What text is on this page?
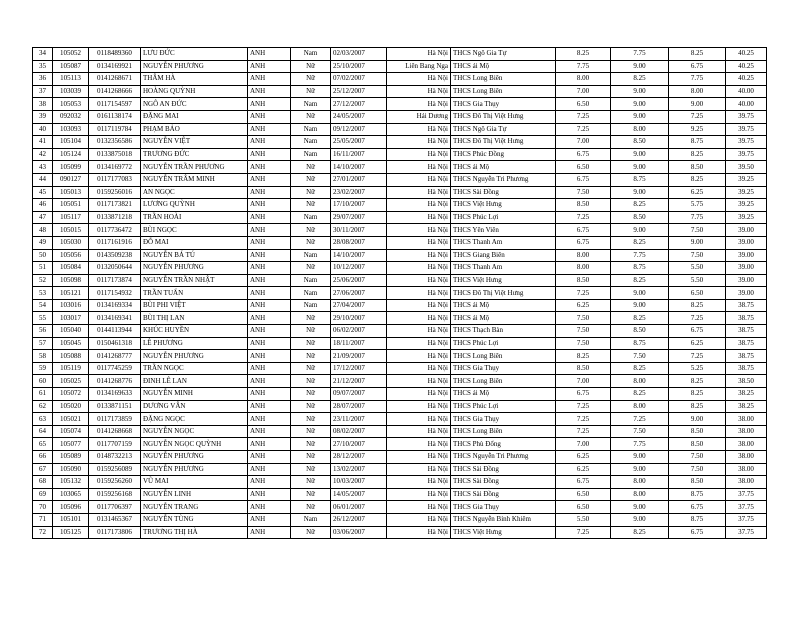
34	105052	0118489360	LƯU ĐỨC	ANH	Nam	02/03/2007	Hà Nội	THCS Ngô Gia Tự	8.25	7.75	8.25	40.25
35	105087	0134169921	NGUYỄN PHƯƠNG	ANH	Nữ	25/10/2007	Liên Bang Nga	THCS ái Mộ	7.75	9.00	6.75	40.25
36	105113	0141268671	THÂM HÀ	ANH	Nữ	07/02/2007	Hà Nội	THCS Long Biên	8.00	8.25	7.75	40.25
37	103039	0141268666	HOÀNG QUỲNH	ANH	Nữ	25/12/2007	Hà Nội	THCS Long Biên	7.00	9.00	8.00	40.00
38	105053	0117154597	NGÔ AN ĐỨC	ANH	Nam	27/12/2007	Hà Nội	THCS Gia Thụy	6.50	9.00	9.00	40.00
39	092032	0161138174	ĐẶNG MAI	ANH	Nữ	24/05/2007	Hải Dương	THCS Đô Thị Việt Hưng	7.25	9.00	7.25	39.75
40	103093	0117119784	PHẠM BẢO	ANH	Nam	09/12/2007	Hà Nội	THCS Ngô Gia Tự	7.25	8.00	9.25	39.75
41	105104	0132356586	NGUYỄN VIỆT	ANH	Nam	25/05/2007	Hà Nội	THCS Đô Thị Việt Hưng	7.00	8.50	8.75	39.75
42	105124	0133875018	TRƯƠNG ĐỨC	ANH	Nam	16/11/2007	Hà Nội	THCS Phúc Đồng	6.75	9.00	8.25	39.75
43	105099	0134169772	NGUYỄN TRẦN PHƯƠNG	ANH	Nữ	14/10/2007	Hà Nội	THCS ái Mộ	6.50	9.00	8.50	39.50
44	090127	0117177083	NGUYỄN TRÂM MINH	ANH	Nữ	27/01/2007	Hà Nội	THCS Nguyễn Tri Phương	6.75	8.75	8.25	39.25
45	105013	0159256016	AN NGỌC	ANH	Nữ	23/02/2007	Hà Nội	THCS Sài Đồng	7.50	9.00	6.25	39.25
46	105051	0117173821	LƯƠNG QUỲNH	ANH	Nữ	17/10/2007	Hà Nội	THCS Việt Hưng	8.50	8.25	5.75	39.25
47	105117	0133871218	TRẦN HOÀI	ANH	Nam	29/07/2007	Hà Nội	THCS Phúc Lợi	7.25	8.50	7.75	39.25
48	105015	0117736472	BÙI NGỌC	ANH	Nữ	30/11/2007	Hà Nội	THCS Yên Viên	6.75	9.00	7.50	39.00
49	105030	0117161916	ĐỖ MAI	ANH	Nữ	28/08/2007	Hà Nội	THCS Thanh Am	6.75	8.25	9.00	39.00
50	105056	0143509238	NGUYỄN BÁ TÚ	ANH	Nam	14/10/2007	Hà Nội	THCS Giang Biên	8.00	7.75	7.50	39.00
51	105084	0132050644	NGUYỄN PHƯƠNG	ANH	Nữ	10/12/2007	Hà Nội	THCS Thanh Am	8.00	8.75	5.50	39.00
52	105098	0117173874	NGUYỄN TRẦN NHẬT	ANH	Nam	25/06/2007	Hà Nội	THCS Việt Hưng	8.50	8.25	5.50	39.00
53	105121	0117154932	TRẦN TUẤN	ANH	Nam	27/06/2007	Hà Nội	THCS Đô Thị Việt Hưng	7.25	9.00	6.50	39.00
54	103016	0134169334	BÙI PHI VIỆT	ANH	Nam	27/04/2007	Hà Nội	THCS ái Mộ	6.25	9.00	8.25	38.75
55	103017	0134169341	BÙI THỊ LAN	ANH	Nữ	29/10/2007	Hà Nội	THCS ái Mộ	7.50	8.25	7.25	38.75
56	105040	0144113944	KHÚC HUYỀN	ANH	Nữ	06/02/2007	Hà Nội	THCS Thạch Bàn	7.50	8.50	6.75	38.75
57	105045	0150461318	LÊ PHƯƠNG	ANH	Nữ	18/11/2007	Hà Nội	THCS Phúc Lợi	7.50	8.75	6.25	38.75
58	105088	0141268777	NGUYỄN PHƯƠNG	ANH	Nữ	21/09/2007	Hà Nội	THCS Long Biên	8.25	7.50	7.25	38.75
59	105119	0117745259	TRẦN NGỌC	ANH	Nữ	17/12/2007	Hà Nội	THCS Gia Thụy	8.50	8.25	5.25	38.75
60	105025	0141268776	ĐINH LÊ LAN	ANH	Nữ	21/12/2007	Hà Nội	THCS Long Biên	7.00	8.00	8.25	38.50
61	105072	0134169633	NGUYỄN MINH	ANH	Nữ	09/07/2007	Hà Nội	THCS ái Mộ	6.75	8.25	8.25	38.25
62	105020	0133871151	DƯƠNG VÂN	ANH	Nữ	28/07/2007	Hà Nội	THCS Phúc Lợi	7.25	8.00	8.25	38.25
63	105021	0117173859	ĐẶNG NGỌC	ANH	Nữ	23/11/2007	Hà Nội	THCS Gia Thụy	7.25	7.25	9.00	38.00
64	105074	0141268668	NGUYỄN NGỌC	ANH	Nữ	08/02/2007	Hà Nội	THCS Long Biên	7.25	7.50	8.50	38.00
65	105077	0117707159	NGUYỄN NGỌC QUỲNH	ANH	Nữ	27/10/2007	Hà Nội	THCS Phù Đổng	7.00	7.75	8.50	38.00
66	105089	0148732213	NGUYỄN PHƯƠNG	ANH	Nữ	28/12/2007	Hà Nội	THCS Nguyễn Tri Phương	6.25	9.00	7.50	38.00
67	105090	0159256089	NGUYỄN PHƯƠNG	ANH	Nữ	13/02/2007	Hà Nội	THCS Sài Đồng	6.25	9.00	7.50	38.00
68	105132	0159256260	VŨ MAI	ANH	Nữ	10/03/2007	Hà Nội	THCS Sài Đồng	6.75	8.00	8.50	38.00
69	103065	0159256168	NGUYỄN LINH	ANH	Nữ	14/05/2007	Hà Nội	THCS Sài Đồng	6.50	8.00	8.75	37.75
70	105096	0117706397	NGUYỄN TRANG	ANH	Nữ	06/01/2007	Hà Nội	THCS Gia Thụy	6.50	9.00	6.75	37.75
71	105101	0131465367	NGUYỄN TÙNG	ANH	Nam	26/12/2007	Hà Nội	THCS Nguyễn Bỉnh Khiêm	5.50	9.00	8.75	37.75
72	105125	0117173806	TRƯƠNG THỊ HÀ	ANH	Nữ	03/06/2007	Hà Nội	THCS Việt Hưng	7.25	8.25	6.75	37.75
